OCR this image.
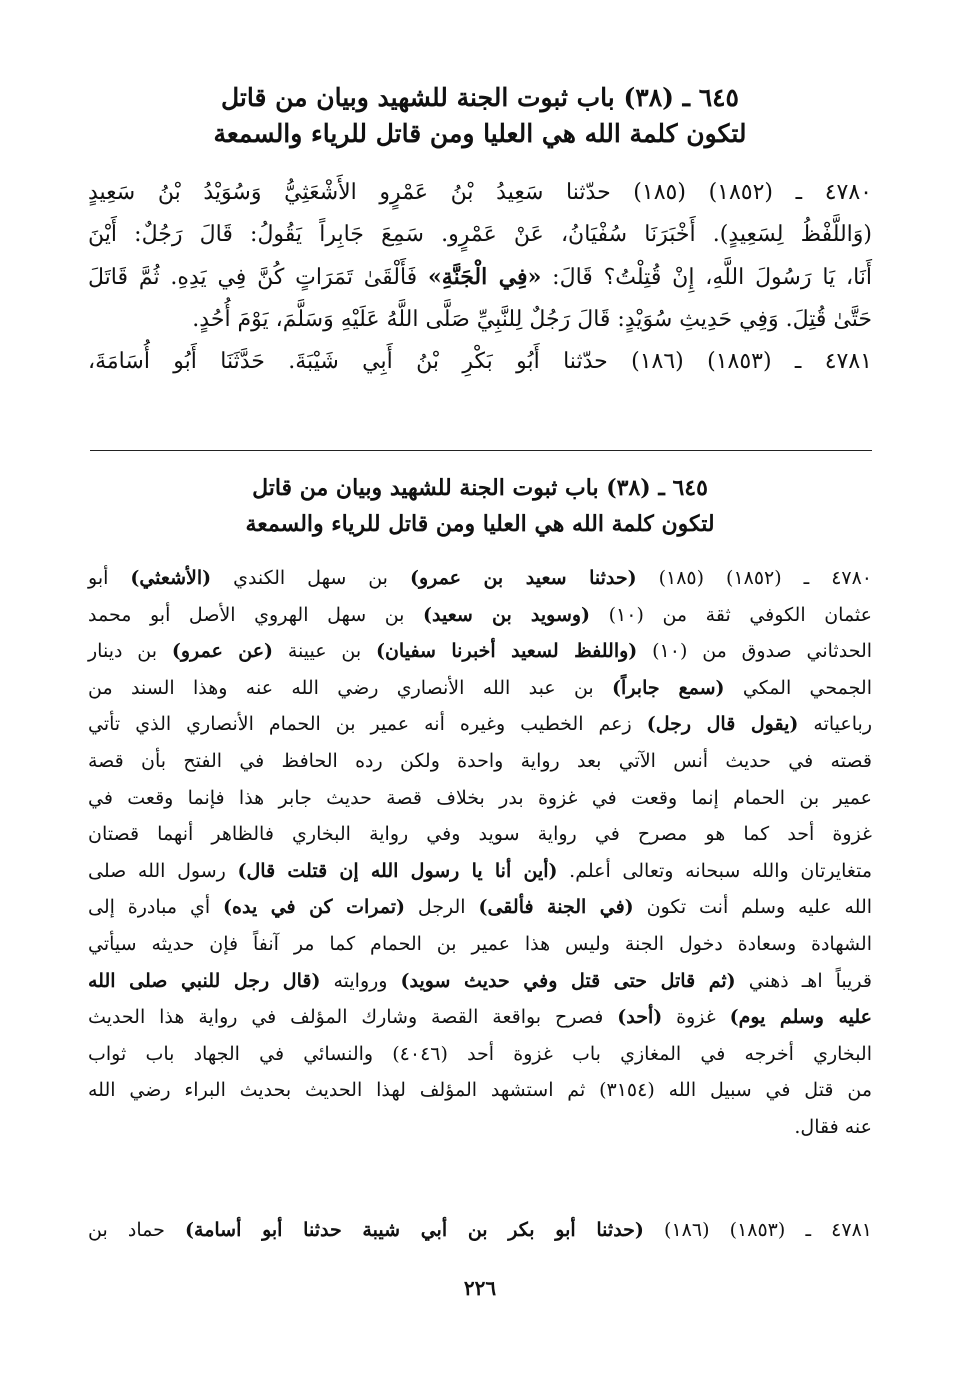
٦٤٥ ـ (٣٨) باب ثبوت الجنة للشهيد وبيان من قاتل
لتكون كلمة الله هي العليا ومن قاتل للرياء والسمعة
٤٧٨٠ ـ (١٨٥٢) (١٨٥) حدّثنا سَعِيدُ بْنُ عَمْرٍو الأَشْعَثِيُّ وَسُوَيْدُ بْنُ سَعِيدٍ
(وَاللَّفْظُ لِسَعِيدٍ). أَخْبَرَنَا سُفْيَانُ، عَنْ عَمْرٍو. سَمِعَ جَابِراً يَقُولُ: قَالَ رَجُلٌ: أَيْنَ
أَنَا، يَا رَسُولَ اللَّهِ، إِنْ قُتِلْتُ؟ قَالَ: «فِي الْجَنَّةِ» فَأَلْقَىٰ تَمَرَاتٍ كُنَّ فِي يَدِهِ. ثُمَّ قَاتَلَ
حَتَّىٰ قُتِلَ. وَفِي حَدِيثِ سُوَيْدٍ: قَالَ رَجُلٌ لِلنَّبِيِّ صَلَّى اللَّهُ عَلَيْهِ وَسَلَّمَ، يَوْمَ أُحُدٍ.
٤٧٨١ ـ (١٨٥٣) (١٨٦) حدّثنا أَبُو بَكْرِ بْنُ أَبِي شَيْبَةَ. حَدَّثَنَا أَبُو أُسَامَةَ،
٦٤٥ ـ (٣٨) باب ثبوت الجنة للشهيد وبيان من قاتل
لتكون كلمة الله هي العليا ومن قاتل للرياء والسمعة
٤٧٨٠ ـ (١٨٥٢) (١٨٥) (حدثنا سعيد بن عمرو) بن سهل الكندي (الأشعثي) أبو
عثمان الكوفي ثقة من (١٠) (وسويد بن سعيد) بن سهل الهروي الأصل أبو محمد
الحدثاني صدوق من (١٠) (واللفظ لسعيد أخبرنا سفيان) بن عيينة (عن عمرو) بن دينار
الجمحي المكي (سمع جابراً) بن عبد الله الأنصاري رضي الله عنه وهذا السند من
رباعياته (يقول قال رجل) زعم الخطيب وغيره أنه عمير بن الحمام الأنصاري الذي تأتي
قصته في حديث أنس الآتي بعد رواية واحدة ولكن رده الحافظ في الفتح بأن قصة
عمير بن الحمام إنما وقعت في غزوة بدر بخلاف قصة حديث جابر هذا فإنما وقعت في
غزوة أحد كما هو مصرح في رواية سويد وفي رواية البخاري فالظاهر أنهما قصتان
متغايرتان والله سبحانه وتعالى أعلم. (أين أنا يا رسول الله إن قتلت قال) رسول الله صلى
الله عليه وسلم أنت تكون (في الجنة فألقى) الرجل (تمرات كن في يده) أي مبادرة إلى
الشهادة وسعادة دخول الجنة وليس هذا عمير بن الحمام كما مر آنفاً فإن حديثه سيأتي
قريباً اهـ ذهني (ثم قاتل حتى قتل وفي حديث سويد) وروايته (قال رجل للنبي صلى الله
عليه وسلم يوم) غزوة (أحد) فصرح بواقعة القصة وشارك المؤلف في رواية هذا الحديث
البخاري أخرجه في المغازي باب غزوة أحد (٤٠٤٦) والنسائي في الجهاد باب ثواب
من قتل في سبيل الله (٣١٥٤) ثم استشهد المؤلف لهذا الحديث بحديث البراء رضي الله
عنه فقال.
٤٧٨١ ـ (١٨٥٣) (١٨٦) (حدثنا أبو بكر بن أبي شيبة حدثنا أبو أسامة) حماد بن
٢٢٦
